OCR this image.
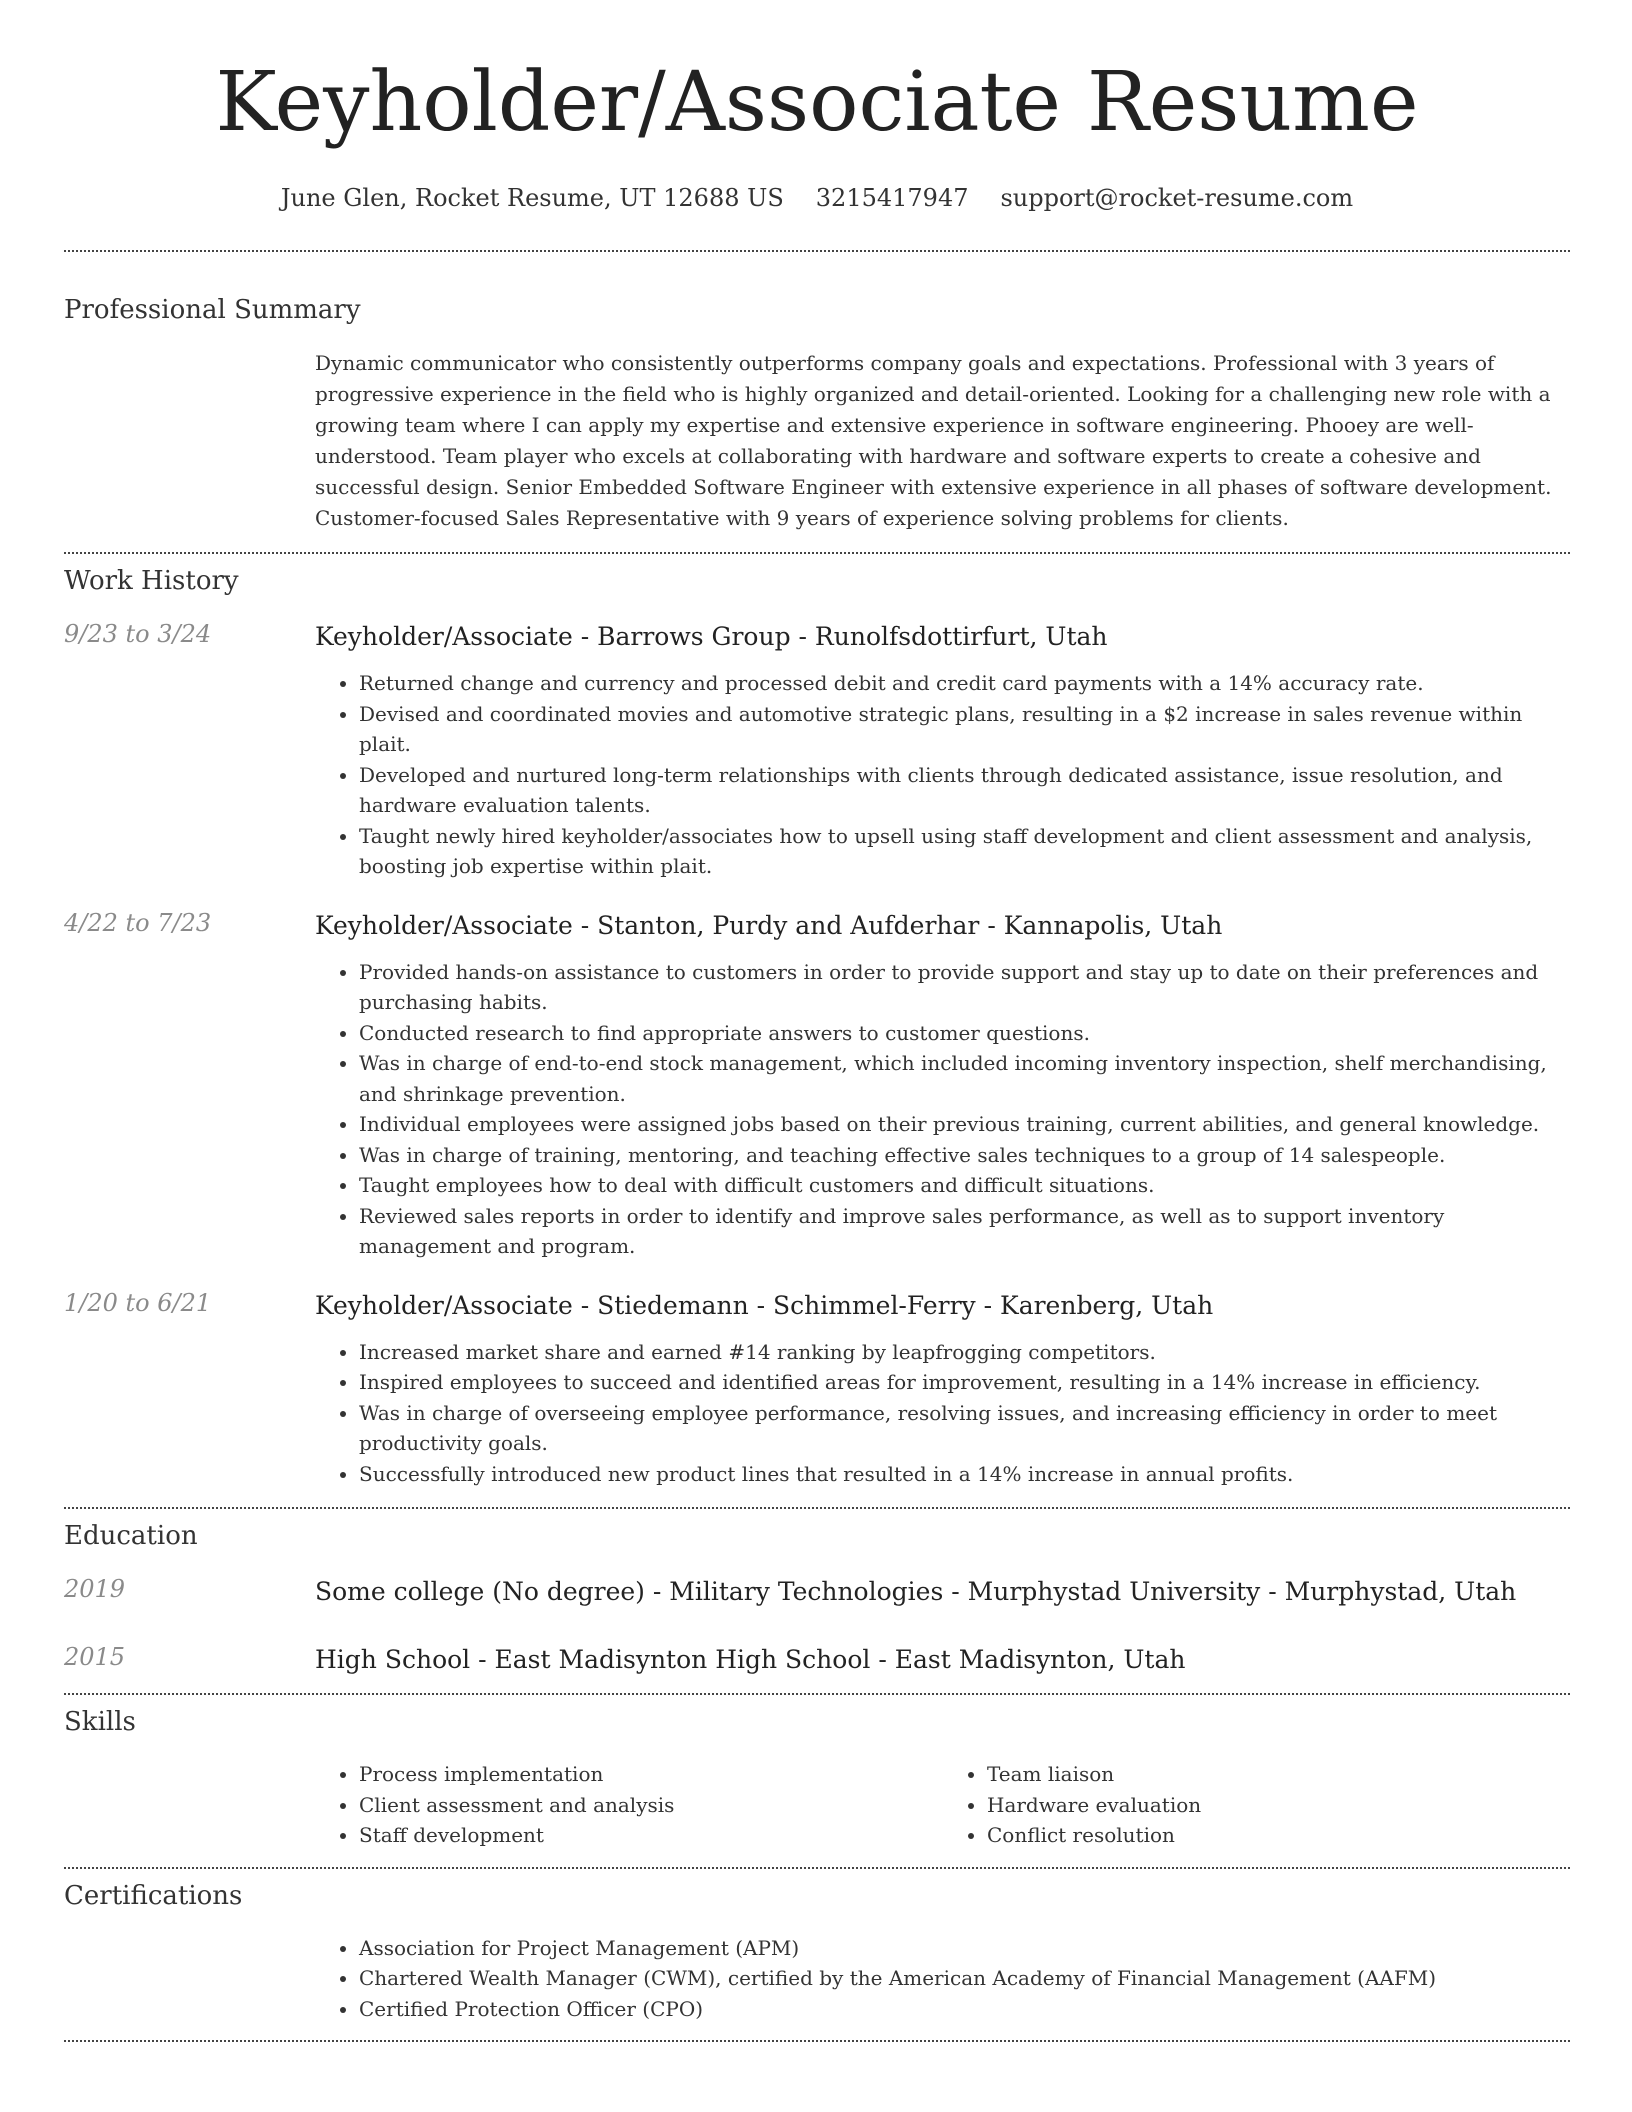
Keyholder/Associate Resume
June Glen, Rocket Resume, UT 12688 US 3215417947 support@rocket-resume.com
Professional Summary
Dynamic communicator who consistently outperforms company goals and expectations. Professional with 3 years of progressive experience in the field who is highly organized and detail-oriented. Looking for a challenging new role with a growing team where I can apply my expertise and extensive experience in software engineering. Phooey are well-understood. Team player who excels at collaborating with hardware and software experts to create a cohesive and successful design. Senior Embedded Software Engineer with extensive experience in all phases of software development. Customer-focused Sales Representative with 9 years of experience solving problems for clients.
Work History
9/23 to 3/24	Keyholder/Associate - Barrows Group - Runolfsdottirfurt, Utah
• Returned change and currency and processed debit and credit card payments with a 14% accuracy rate.
• Devised and coordinated movies and automotive strategic plans, resulting in a $2 increase in sales revenue within plait.
• Developed and nurtured long-term relationships with clients through dedicated assistance, issue resolution, and hardware evaluation talents.
• Taught newly hired keyholder/associates how to upsell using staff development and client assessment and analysis, boosting job expertise within plait.
4/22 to 7/23	Keyholder/Associate - Stanton, Purdy and Aufderhar - Kannapolis, Utah
• Provided hands-on assistance to customers in order to provide support and stay up to date on their preferences and purchasing habits.
• Conducted research to find appropriate answers to customer questions.
• Was in charge of end-to-end stock management, which included incoming inventory inspection, shelf merchandising, and shrinkage prevention.
• Individual employees were assigned jobs based on their previous training, current abilities, and general knowledge.
• Was in charge of training, mentoring, and teaching effective sales techniques to a group of 14 salespeople.
• Taught employees how to deal with difficult customers and difficult situations.
• Reviewed sales reports in order to identify and improve sales performance, as well as to support inventory management and program.
1/20 to 6/21	Keyholder/Associate - Stiedemann - Schimmel-Ferry - Karenberg, Utah
• Increased market share and earned #14 ranking by leapfrogging competitors.
• Inspired employees to succeed and identified areas for improvement, resulting in a 14% increase in efficiency.
• Was in charge of overseeing employee performance, resolving issues, and increasing efficiency in order to meet productivity goals.
• Successfully introduced new product lines that resulted in a 14% increase in annual profits.
Education
2019	Some college (No degree) - Military Technologies - Murphystad University - Murphystad, Utah
2015	High School - East Madisynton High School - East Madisynton, Utah
Skills
• Process implementation
• Client assessment and analysis
• Staff development
• Team liaison
• Hardware evaluation
• Conflict resolution
Certifications
• Association for Project Management (APM)
• Chartered Wealth Manager (CWM), certified by the American Academy of Financial Management (AAFM)
• Certified Protection Officer (CPO)
